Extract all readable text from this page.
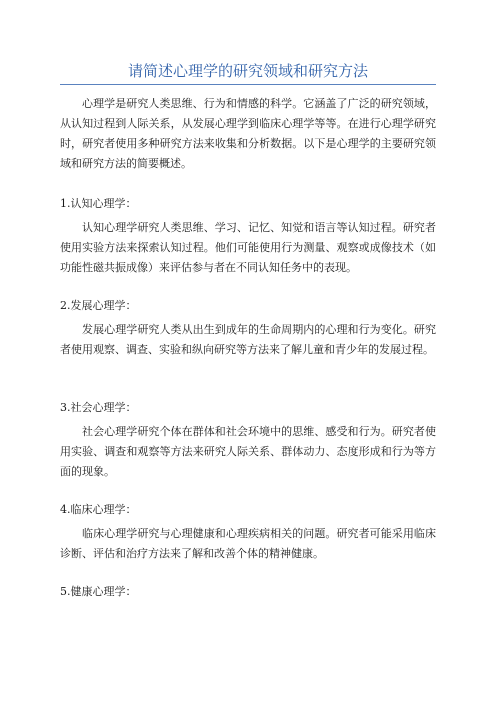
请简述心理学的研究领域和研究方法

心理学是研究人类思维、行为和情感的科学。它涵盖了广泛的研究领域，从认知过程到人际关系，从发展心理学到临床心理学等等。在进行心理学研究时，研究者使用多种研究方法来收集和分析数据。以下是心理学的主要研究领域和研究方法的简要概述。

1.认知心理学：

认知心理学研究人类思维、学习、记忆、知觉和语言等认知过程。研究者使用实验方法来探索认知过程。他们可能使用行为测量、观察或成像技术（如功能性磁共振成像）来评估参与者在不同认知任务中的表现。

2.发展心理学：

发展心理学研究人类从出生到成年的生命周期内的心理和行为变化。研究者使用观察、调查、实验和纵向研究等方法来了解儿童和青少年的发展过程。

3.社会心理学：

社会心理学研究个体在群体和社会环境中的思维、感受和行为。研究者使用实验、调查和观察等方法来研究人际关系、群体动力、态度形成和行为等方面的现象。

4.临床心理学：

临床心理学研究与心理健康和心理疾病相关的问题。研究者可能采用临床诊断、评估和治疗方法来了解和改善个体的精神健康。

5.健康心理学：
